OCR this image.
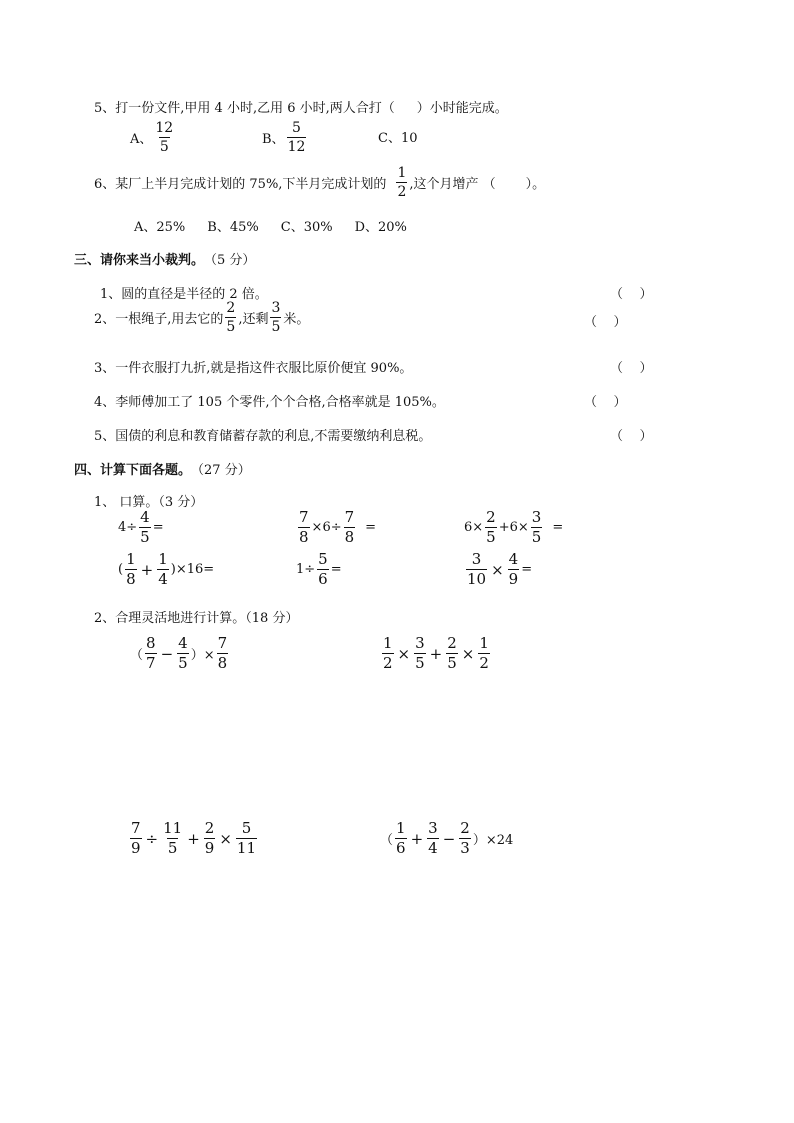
5、打一份文件,甲用 4 小时,乙用 6 小时,两人合打（ ）小时能完成。
A、 $\frac{12}{5}$	B、 $\frac{5}{12}$	C、10
6、某厂上半月完成计划的 75%,下半月完成计划的 $\frac{1}{2}$ ,这个月增产 （ ）。
A、25% B、45% C、30% D、20%
三、请你来当小裁判。 （5 分）
1、圆的直径是半径的 2 倍。	（    ）
2、一根绳子,用去它的 $\frac{2}{5}$ ,还剩 $\frac{3}{5}$ 米。	（    ）
3、一件衣服打九折,就是指这件衣服比原价便宜 90%。	（    ）
4、李师傅加工了 105 个零件,个个合格,合格率就是 105%。	（    ）
5、国债的利息和教育储蓄存款的利息,不需要缴纳利息税。	（    ）
四、计算下面各题。 （27 分）
1、 口算。（3 分）
$4\div \frac{4}{5}$ =	$\frac{7}{8} \times 6\div \frac{7}{8}$ =	$6\times \frac{2}{5} +6\times \frac{3}{5}$ =
( $\frac{1}{8} + \frac{1}{4} )\times 16=$	$1\div \frac{5}{6}$ =	$\frac{3}{10} \times \frac{4}{9}$ =
2、合理灵活地进行计算。（18 分）
（ $\frac{8}{7} - \frac{4}{5}$ ）× $\frac{7}{8}$	$\frac{1}{2} \times \frac{3}{5} + \frac{2}{5} \times \frac{1}{2}$
$\frac{7}{9} \div \frac{11}{5} + \frac{2}{9} \times \frac{5}{11}$	（ $\frac{1}{6} + \frac{3}{4} - \frac{2}{3} )\times 24$
